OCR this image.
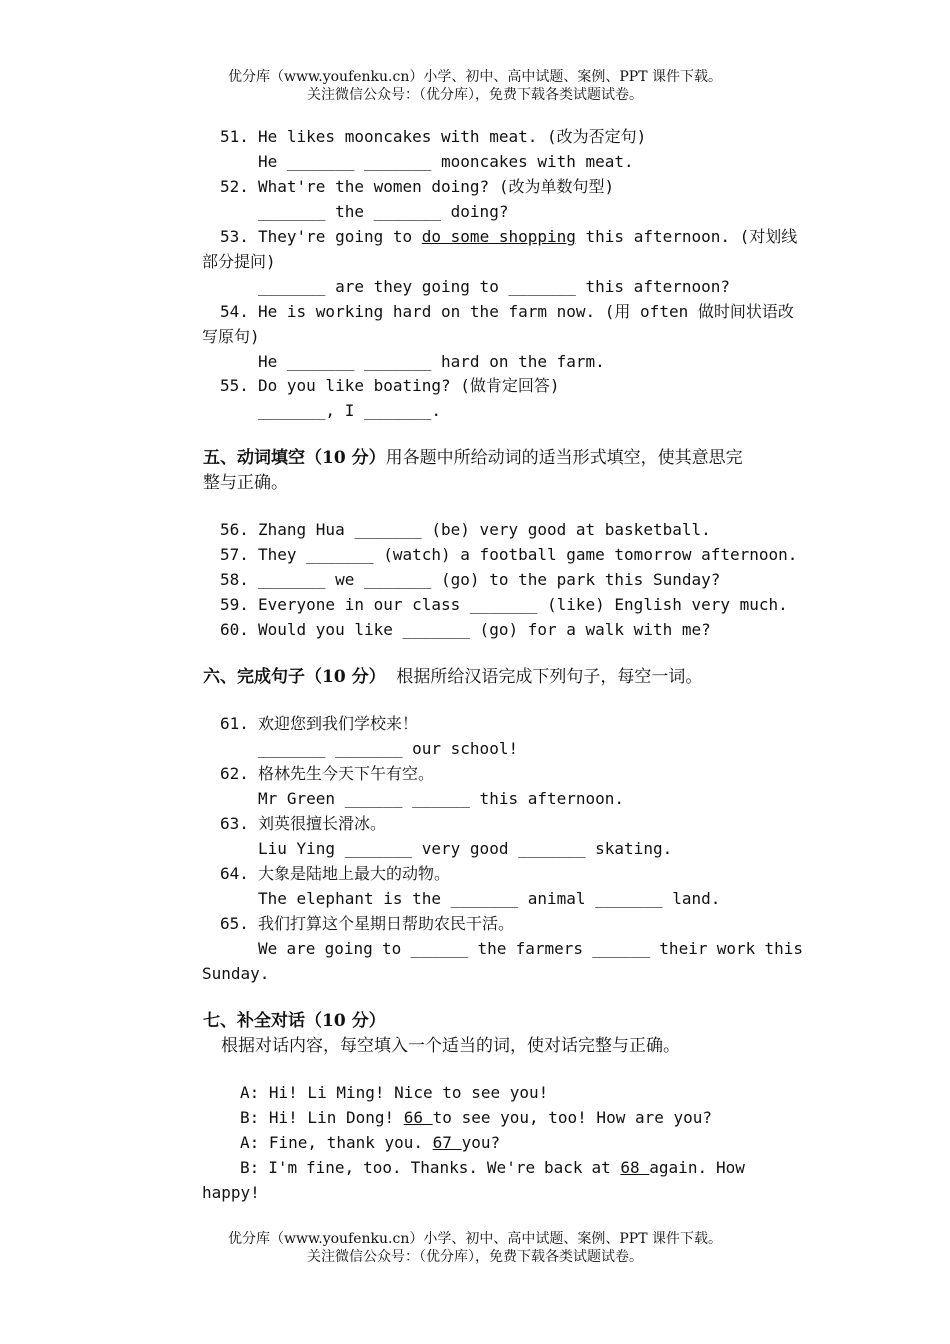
优分库（www.youfenku.cn）小学、初中、高中试题、案例、PPT 课件下载。
关注微信公众号：（优分库），免费下载各类试题试卷。
51. He likes mooncakes with meat. (改为否定句)
He _______ _______ mooncakes with meat.
52. What're the women doing? (改为单数句型)
_______ the _______ doing?
53. They're going to do some shopping this afternoon. (对划线
部分提问)
_______ are they going to _______ this afternoon?
54. He is working hard on the farm now. (用 often 做时间状语改
写原句)
He _______ _______ hard on the farm.
55. Do you like boating? (做肯定回答)
_______, I _______.
五、动词填空（10 分）用各题中所给动词的适当形式填空，使其意思完
整与正确。
56. Zhang Hua _______ (be) very good at basketball.
57. They _______ (watch) a football game tomorrow afternoon.
58. _______ we _______ (go) to the park this Sunday?
59. Everyone in our class _______ (like) English very much.
60. Would you like _______ (go) for a walk with me?
六、完成句子（10 分） 根据所给汉语完成下列句子，每空一词。
61. 欢迎您到我们学校来！
_______ _______ our school!
62. 格林先生今天下午有空。
Mr Green ______ ______ this afternoon.
63. 刘英很擅长滑冰。
Liu Ying _______ very good _______ skating.
64. 大象是陆地上最大的动物。
The elephant is the _______ animal _______ land.
65. 我们打算这个星期日帮助农民干活。
We are going to ______ the farmers ______ their work this
Sunday.
七、补全对话（10 分）
根据对话内容，每空填入一个适当的词，使对话完整与正确。
A: Hi! Li Ming! Nice to see you!
B: Hi! Lin Dong! 66 to see you, too! How are you?
A: Fine, thank you. 67 you?
B: I'm fine, too. Thanks. We're back at 68 again. How
happy!
优分库（www.youfenku.cn）小学、初中、高中试题、案例、PPT 课件下载。
关注微信公众号：（优分库），免费下载各类试题试卷。
